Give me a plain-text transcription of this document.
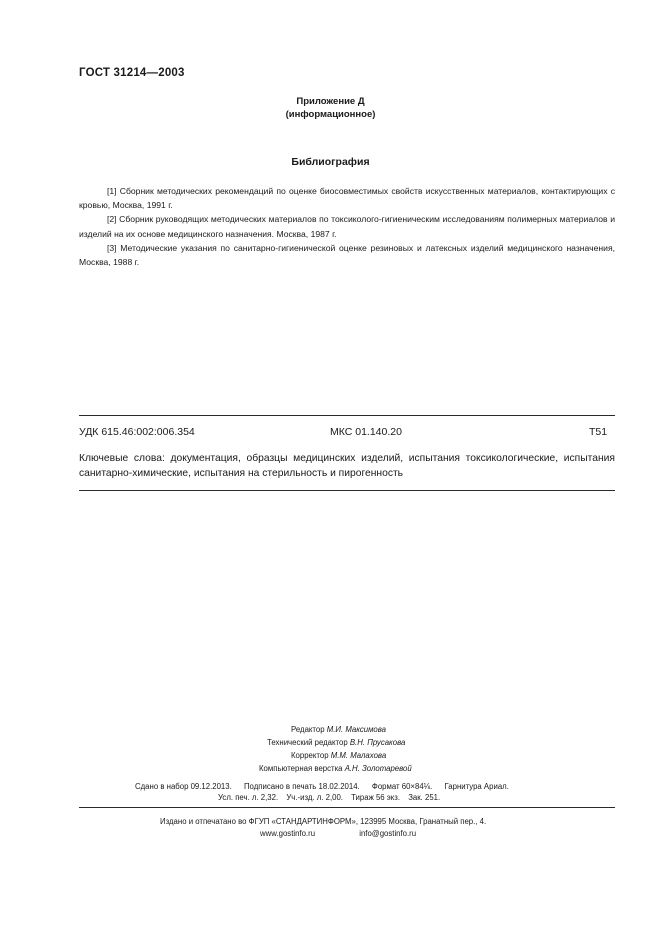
ГОСТ 31214—2003
Приложение Д
(информационное)
Библиография

[1] Сборник методических рекомендаций по оценке биосовместимых свойств искусственных материалов, контактирующих с кровью, Москва, 1991 г.

[2] Сборник руководящих методических материалов по токсиколого-гигиеническим исследованиям полимерных материалов и изделий на их основе медицинского назначения. Москва, 1987 г.

[3] Методические указания по санитарно-гигиенической оценке резиновых и латексных изделий медицинского назначения, Москва, 1988 г.

УДК 615.46:002:006.354	МКС 01.140.20	Т51
Ключевые слова: документация, образцы медицинских изделий, испытания токсикологические, испытания санитарно-химические, испытания на стерильность и пирогенность
Редактор М.И. Максимова
Технический редактор В.Н. Прусакова
Корректор М.М. Малахова
Компьютерная верстка А.Н. Золотаревой
Сдано в набор 09.12.2013. Подписано в печать 18.02.2014. Формат 60×84⅛. Гарнитура Ариал.
Усл. печ. л. 2,32. Уч.-изд. л. 2,00. Тираж 56 экз. Зак. 251.
Издано и отпечатано во ФГУП «СТАНДАРТИНФОРМ», 123995 Москва, Гранатный пер., 4.
www.gostinfo.ru	info@gostinfo.ru
